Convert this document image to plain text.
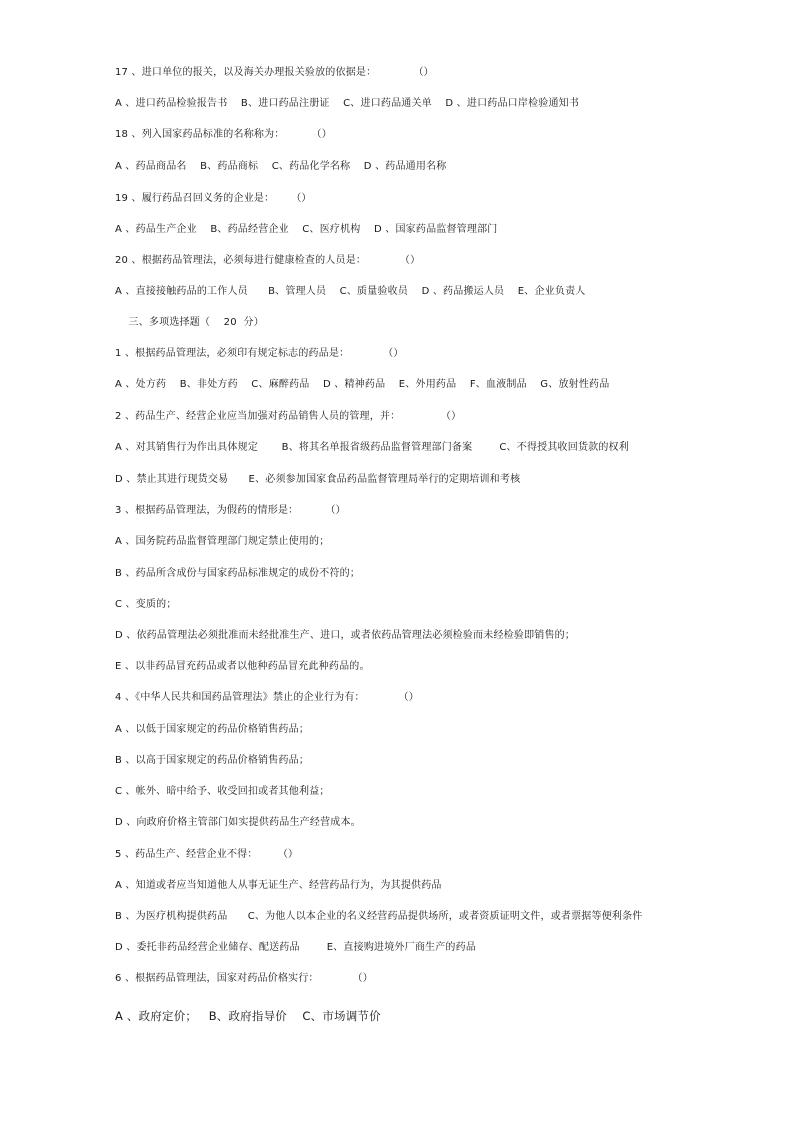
17 、进口单位的报关，以及海关办理报关验放的依据是：           （）
A 、进口药品检验报告书    B、进口药品注册证    C、进口药品通关单    D 、进口药品口岸检验通知书
18 、列入国家药品标准的名称称为：        （）
A 、药品商品名    B、药品商标    C、药品化学名称    D 、药品通用名称
19 、履行药品召回义务的企业是：     （）
A 、药品生产企业    B、药品经营企业    C、医疗机构    D 、国家药品监督管理部门
20 、根据药品管理法，必须每进行健康检查的人员是：          （）
A 、直接接触药品的工作人员      B、管理人员    C、质量验收员    D 、药品搬运人员    E、企业负责人
三、多项选择题（    20  分）
1 、根据药品管理法，必须印有规定标志的药品是：          （）
A 、处方药    B、非处方药    C、麻醉药品    D 、精神药品    E、外用药品    F、血液制品    G、放射性药品
2 、药品生产、经营企业应当加强对药品销售人员的管理，并：            （）
A 、对其销售行为作出具体规定       B、将其名单报省级药品监督管理部门备案        C、不得授其收回货款的权利
D 、禁止其进行现货交易      E、必须参加国家食品药品监督管理局举行的定期培训和考核
3 、根据药品管理法，为假药的情形是：        （）
A 、国务院药品监督管理部门规定禁止使用的；
B 、药品所含成份与国家药品标准规定的成份不符的；
C 、变质的；
D 、依药品管理法必须批准而未经批准生产、进口，或者依药品管理法必须检验而未经检验即销售的；
E 、以非药品冒充药品或者以他种药品冒充此种药品的。
4 、《中华人民共和国药品管理法》禁止的企业行为有：          （）
A 、以低于国家规定的药品价格销售药品；
B 、以高于国家规定的药品价格销售药品；
C 、帐外、暗中给予、收受回扣或者其他利益；
D 、向政府价格主管部门如实提供药品生产经营成本。
5 、药品生产、经营企业不得：      （）
A 、知道或者应当知道他人从事无证生产、经营药品行为，为其提供药品
B 、为医疗机构提供药品      C、为他人以本企业的名义经营药品提供场所，或者资质证明文件，或者票据等便利条件
D 、委托非药品经营企业储存、配送药品        E、直接购进境外厂商生产的药品
6 、根据药品管理法，国家对药品价格实行：          （）
A 、政府定价；   B、政府指导价    C、市场调节价
